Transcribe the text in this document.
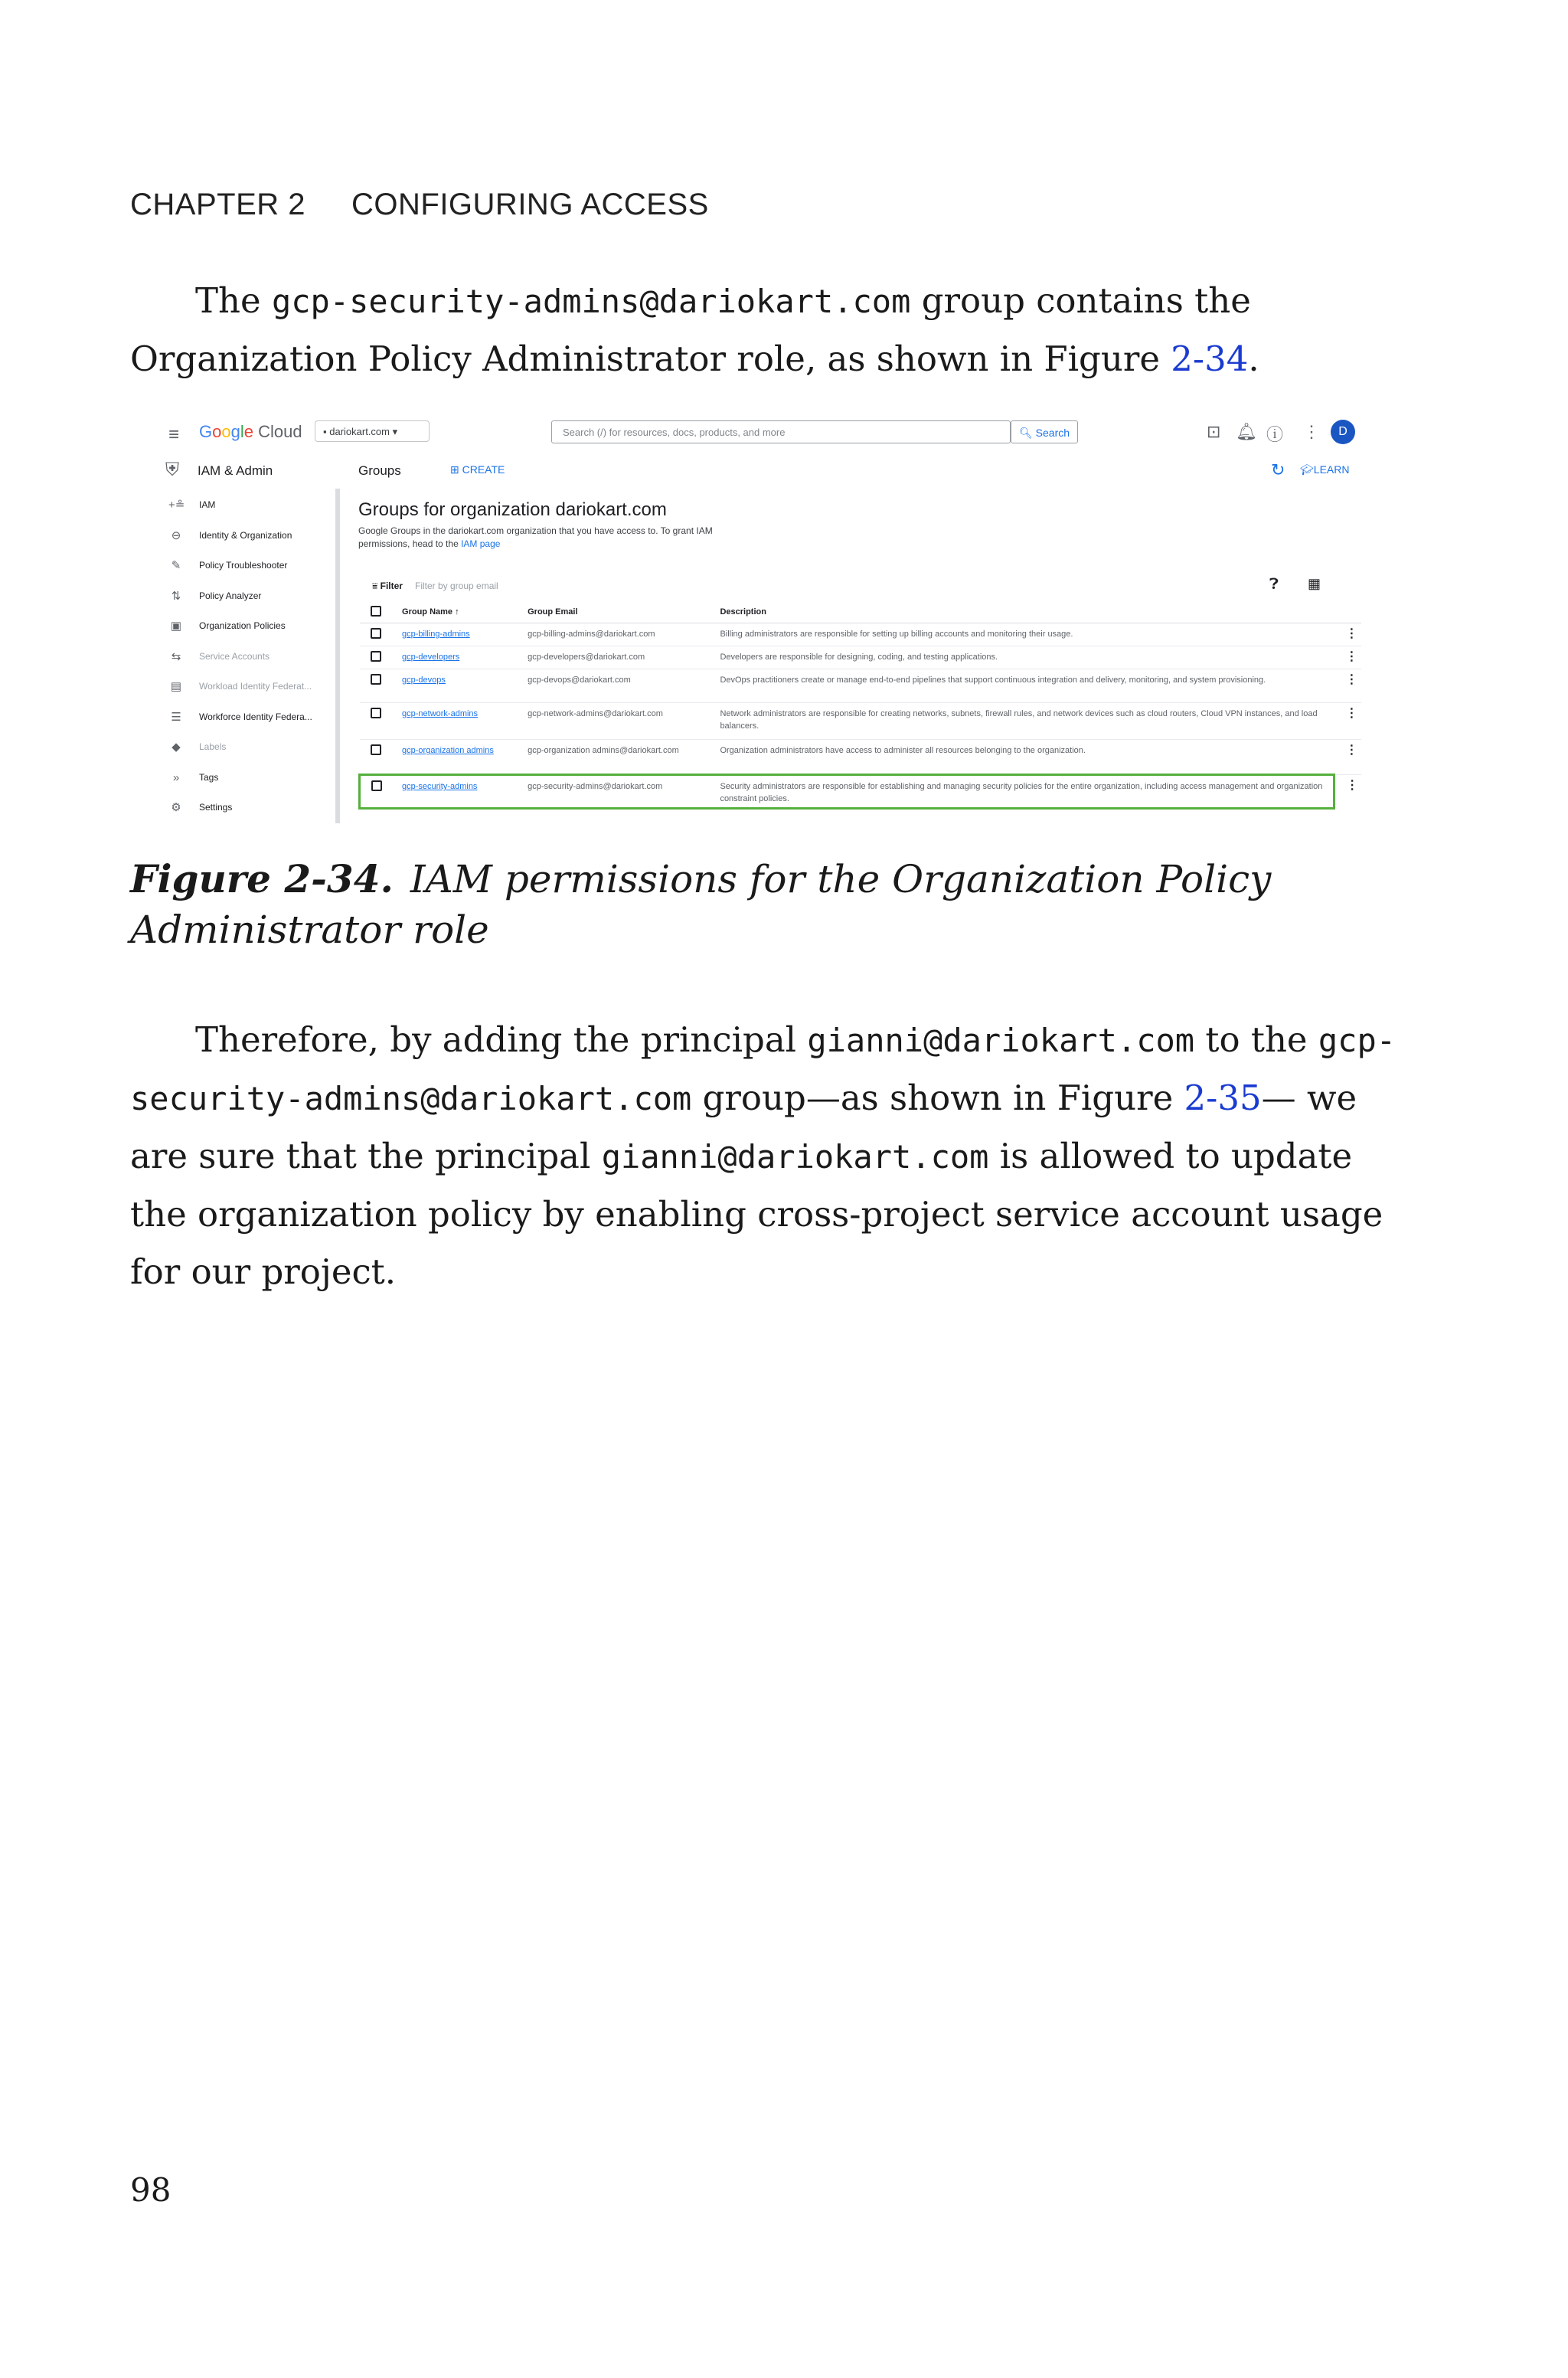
CHAPTER 2 CONFIGURING ACCESS

The gcp-security-admins@dariokart.com group contains the Organization Policy Administrator role, as shown in Figure 2-34.

≡ Google Cloud	▪ dariokart.com ▾	Search (/) for resources, docs, products, and more	🔍︎ Search	⊡ 🔔︎ ⓘ ⋮	D
⛨ IAM & Admin	Groups	⊞ CREATE	↻ 🎓︎LEARN
+≗ IAM
⊖	Identity & Organization
✎	Policy Troubleshooter
⇅	Policy Analyzer
▣ Organization Policies
⇆	Service Accounts
▤ Workload Identity Federat...
☰ Workforce Identity Federa...
◆	Labels
»	Tags
⚙ Settings
Groups for organization dariokart.com
Google Groups in the dariokart.com organization that you have access to. To grant IAM permissions, head to the IAM page
⩸ Filter Filter by group email	❓︎ ▦
	Group Name ↑	Group Email	Description	
	gcp-billing-admins	gcp-billing-admins@dariokart.com	Billing administrators are responsible for setting up billing accounts and monitoring their usage.	⋮
	gcp-developers	gcp-developers@dariokart.com	Developers are responsible for designing, coding, and testing applications.	⋮
	gcp-devops	gcp-devops@dariokart.com	DevOps practitioners create or manage end-to-end pipelines that support continuous integration and delivery, monitoring, and system provisioning.	⋮
	gcp-network-admins	gcp-network-admins@dariokart.com	Network administrators are responsible for creating networks, subnets, firewall rules, and network devices such as cloud routers, Cloud VPN instances, and load balancers.	⋮
	gcp-organization admins	gcp-organization admins@dariokart.com	Organization administrators have access to administer all resources belonging to the organization.	⋮
	gcp-security-admins	gcp-security-admins@dariokart.com	Security administrators are responsible for establishing and managing security policies for the entire organization, including access management and organization constraint policies.	⋮
Figure 2-34. IAM permissions for the Organization Policy Administrator role

Therefore, by adding the principal gianni@dariokart.com to the gcp-security-admins@dariokart.com group—as shown in Figure 2-35— we are sure that the principal gianni@dariokart.com is allowed to update the organization policy by enabling cross-project service account usage for our project.

98
